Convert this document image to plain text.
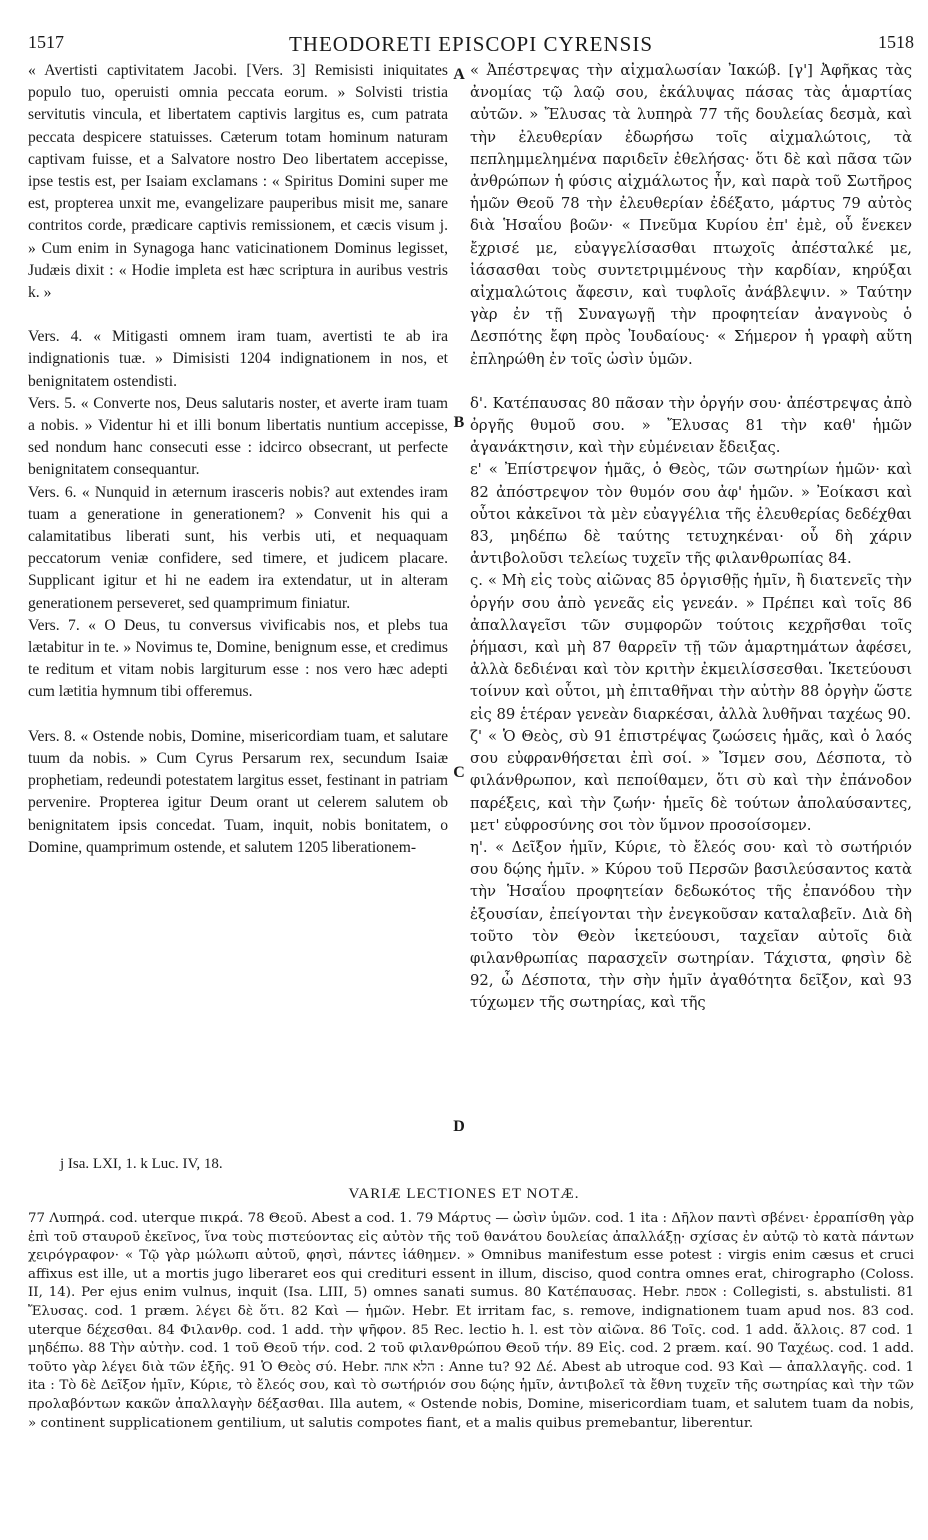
1517	THEODORETI EPISCOPI CYRENSIS	1518

« Avertisti captivitatem Jacobi. [Vers. 3] Remisisti iniquitates populo tuo, operuisti omnia peccata eorum. » Solvisti tristia servitutis vincula, et libertatem captivis largitus es, cum patrata peccata despicere statuisses. Cæterum totam hominum naturam captivam fuisse, et a Salvatore nostro Deo libertatem accepisse, ipse testis est, per Isaiam exclamans : « Spiritus Domini super me est, propterea unxit me, evangelizare pauperibus misit me, sanare contritos corde, prædicare captivis remissionem, et cæcis visum j. » Cum enim in Synagoga hanc vaticinationem Dominus legisset, Judæis dixit : « Hodie impleta est hæc scriptura in auribus vestris k. »

Vers. 4. « Mitigasti omnem iram tuam, avertisti te ab ira indignationis tuæ. » Dimisisti 1204 indignationem in nos, et benignitatem ostendisti.

Vers. 5. « Converte nos, Deus salutaris noster, et averte iram tuam a nobis. » Videntur hi et illi bonum libertatis nuntium accepisse, sed nondum hanc consecuti esse : idcirco obsecrant, ut perfecte benignitatem consequantur.

Vers. 6. « Nunquid in æternum irasceris nobis? aut extendes iram tuam a generatione in generationem? » Convenit his qui a calamitatibus liberati sunt, his verbis uti, et nequaquam peccatorum veniæ confidere, sed timere, et judicem placare. Supplicant igitur et hi ne eadem ira extendatur, ut in alteram generationem perseveret, sed quamprimum finiatur.

Vers. 7. « O Deus, tu conversus vivificabis nos, et plebs tua lætabitur in te. » Novimus te, Domine, benignum esse, et credimus te reditum et vitam nobis largiturum esse : nos vero hæc adepti cum lætitia hymnum tibi offeremus.

Vers. 8. « Ostende nobis, Domine, misericordiam tuam, et salutare tuum da nobis. » Cum Cyrus Persarum rex, secundum Isaiæ prophetiam, redeundi potestatem largitus esset, festinant in patriam pervenire. Propterea igitur Deum orant ut celerem salutem ob benignitatem ipsis concedat. Tuam, inquit, nobis bonitatem, o Domine, quamprimum ostende, et salutem 1205 liberationem-

A
B
C
D

« Ἀπέστρεψας τὴν αἰχμαλωσίαν Ἰακώβ. [γ'] Ἀφῆκας τὰς ἀνομίας τῷ λαῷ σου, ἐκάλυψας πάσας τὰς ἁμαρτίας αὐτῶν. » Ἔλυσας τὰ λυπηρὰ 77 τῆς δουλείας δεσμὰ, καὶ τὴν ἐλευθερίαν ἐδωρήσω τοῖς αἰχμαλώτοις, τὰ πεπλημμελημένα παριδεῖν ἐθελήσας· ὅτι δὲ καὶ πᾶσα τῶν ἀνθρώπων ἡ φύσις αἰχμάλωτος ἦν, καὶ παρὰ τοῦ Σωτῆρος ἡμῶν Θεοῦ 78 τὴν ἐλευθερίαν ἐδέξατο, μάρτυς 79 αὐτὸς διὰ Ἡσαΐου βοῶν· « Πνεῦμα Κυρίου ἐπ' ἐμὲ, οὗ ἕνεκεν ἔχρισέ με, εὐαγγελίσασθαι πτωχοῖς ἀπέσταλκέ με, ἰάσασθαι τοὺς συντετριμμένους τὴν καρδίαν, κηρύξαι αἰχμαλώτοις ἄφεσιν, καὶ τυφλοῖς ἀνάβλεψιν. » Ταύτην γὰρ ἐν τῇ Συναγωγῇ τὴν προφητείαν ἀναγνοὺς ὁ Δεσπότης ἔφη πρὸς Ἰουδαίους· « Σήμερον ἡ γραφὴ αὕτη ἐπληρώθη ἐν τοῖς ὠσὶν ὑμῶν.

δ'. Κατέπαυσας 80 πᾶσαν τὴν ὀργήν σου· ἀπέστρεψας ἀπὸ ὀργῆς θυμοῦ σου. » Ἔλυσας 81 τὴν καθ' ἡμῶν ἀγανάκτησιν, καὶ τὴν εὐμένειαν ἔδειξας.

ε' « Ἐπίστρεψον ἡμᾶς, ὁ Θεὸς, τῶν σωτηρίων ἡμῶν· καὶ 82 ἀπόστρεψον τὸν θυμόν σου ἀφ' ἡμῶν. » Ἐοίκασι καὶ οὗτοι κἀκεῖνοι τὰ μὲν εὐαγγέλια τῆς ἐλευθερίας δεδέχθαι 83, μηδέπω δὲ ταύτης τετυχηκέναι· οὗ δὴ χάριν ἀντιβολοῦσι τελείως τυχεῖν τῆς φιλανθρωπίας 84.

ς. « Μὴ εἰς τοὺς αἰῶνας 85 ὀργισθῇς ἡμῖν, ἢ διατενεῖς τὴν ὀργήν σου ἀπὸ γενεᾶς εἰς γενεάν. » Πρέπει καὶ τοῖς 86 ἀπαλλαγεῖσι τῶν συμφορῶν τούτοις κεχρῆσθαι τοῖς ῥήμασι, καὶ μὴ 87 θαρρεῖν τῇ τῶν ἁμαρτημάτων ἀφέσει, ἀλλὰ δεδιέναι καὶ τὸν κριτὴν ἐκμειλίσσεσθαι. Ἱκετεύουσι τοίνυν καὶ οὗτοι, μὴ ἐπιταθῆναι τὴν αὐτὴν 88 ὀργὴν ὥστε εἰς 89 ἑτέραν γενεὰν διαρκέσαι, ἀλλὰ λυθῆναι ταχέως 90.

ζ' « Ὁ Θεὸς, σὺ 91 ἐπιστρέψας ζωώσεις ἡμᾶς, καὶ ὁ λαός σου εὐφρανθήσεται ἐπὶ σοί. » Ἴσμεν σου, Δέσποτα, τὸ φιλάνθρωπον, καὶ πεποίθαμεν, ὅτι σὺ καὶ τὴν ἐπάνοδον παρέξεις, καὶ τὴν ζωήν· ἡμεῖς δὲ τούτων ἀπολαύσαντες, μετ' εὐφροσύνης σοι τὸν ὕμνον προσοίσομεν.

η'. « Δεῖξον ἡμῖν, Κύριε, τὸ ἔλεός σου· καὶ τὸ σωτήριόν σου δῴης ἡμῖν. » Κύρου τοῦ Περσῶν βασιλεύσαντος κατὰ τὴν Ἡσαΐου προφητείαν δεδωκότος τῆς ἐπανόδου τὴν ἐξουσίαν, ἐπείγονται τὴν ἐνεγκοῦσαν καταλαβεῖν. Διὰ δὴ τοῦτο τὸν Θεὸν ἱκετεύουσι, ταχεῖαν αὐτοῖς διὰ φιλανθρωπίας παρασχεῖν σωτηρίαν. Τάχιστα, φησὶν δὲ 92, ὦ Δέσποτα, τὴν σὴν ἡμῖν ἀγαθότητα δεῖξον, καὶ 93 τύχωμεν τῆς σωτηρίας, καὶ τῆς

j Isa. LXI, 1. k Luc. IV, 18.
VARIÆ LECTIONES ET NOTÆ.
77 Λυπηρά. cod. uterque πικρά. 78 Θεοῦ. Abest a cod. 1. 79 Μάρτυς — ὠσὶν ὑμῶν. cod. 1 ita : Δῆλον παντὶ σβένει· ἐρραπίσθη γὰρ ἐπὶ τοῦ σταυροῦ ἐκεῖνος, ἵνα τοὺς πιστεύοντας εἰς αὐτὸν τῆς τοῦ θανάτου δουλείας ἀπαλλάξῃ· σχίσας ἐν αὐτῷ τὸ κατὰ πάντων χειρόγραφον· « Τῷ γὰρ μώλωπι αὐτοῦ, φησὶ, πάντες ἰάθημεν. » Omnibus manifestum esse potest : virgis enim cæsus et cruci affixus est ille, ut a mortis jugo liberaret eos qui credituri essent in illum, disciso, quod contra omnes erat, chirographo (Coloss. II, 14). Per ejus enim vulnus, inquit (Isa. LIII, 5) omnes sanati sumus. 80 Κατέπαυσας. Hebr. אספת : Collegisti, s. abstulisti. 81 Ἔλυσας. cod. 1 præm. λέγει δὲ ὅτι. 82 Καὶ — ἡμῶν. Hebr. Et irritam fac, s. remove, indignationem tuam apud nos. 83 cod. uterque δέχεσθαι. 84 Φιλανθρ. cod. 1 add. τὴν ψῆφον. 85 Rec. lectio h. l. est τὸν αἰῶνα. 86 Τοῖς. cod. 1 add. ἄλλοις. 87 cod. 1 μηδέπω. 88 Τὴν αὐτὴν. cod. 1 τοῦ Θεοῦ τήν. cod. 2 τοῦ φιλανθρώπου Θεοῦ τήν. 89 Εἰς. cod. 2 præm. καί. 90 Ταχέως. cod. 1 add. τοῦτο γὰρ λέγει διὰ τῶν ἑξῆς. 91 Ὁ Θεὸς σύ. Hebr. הלא אתה : Anne tu? 92 Δέ. Abest ab utroque cod. 93 Καὶ — ἀπαλλαγῆς. cod. 1 ita : Τὸ δὲ Δεῖξον ἡμῖν, Κύριε, τὸ ἔλεός σου, καὶ τὸ σωτήριόν σου δῴης ἡμῖν, ἀντιβολεῖ τὰ ἔθνη τυχεῖν τῆς σωτηρίας καὶ τὴν τῶν προλαβόντων κακῶν ἀπαλλαγὴν δέξασθαι. Illa autem, « Ostende nobis, Domine, misericordiam tuam, et salutem tuam da nobis, » continent supplicationem gentilium, ut salutis compotes fiant, et a malis quibus premebantur, liberentur.
